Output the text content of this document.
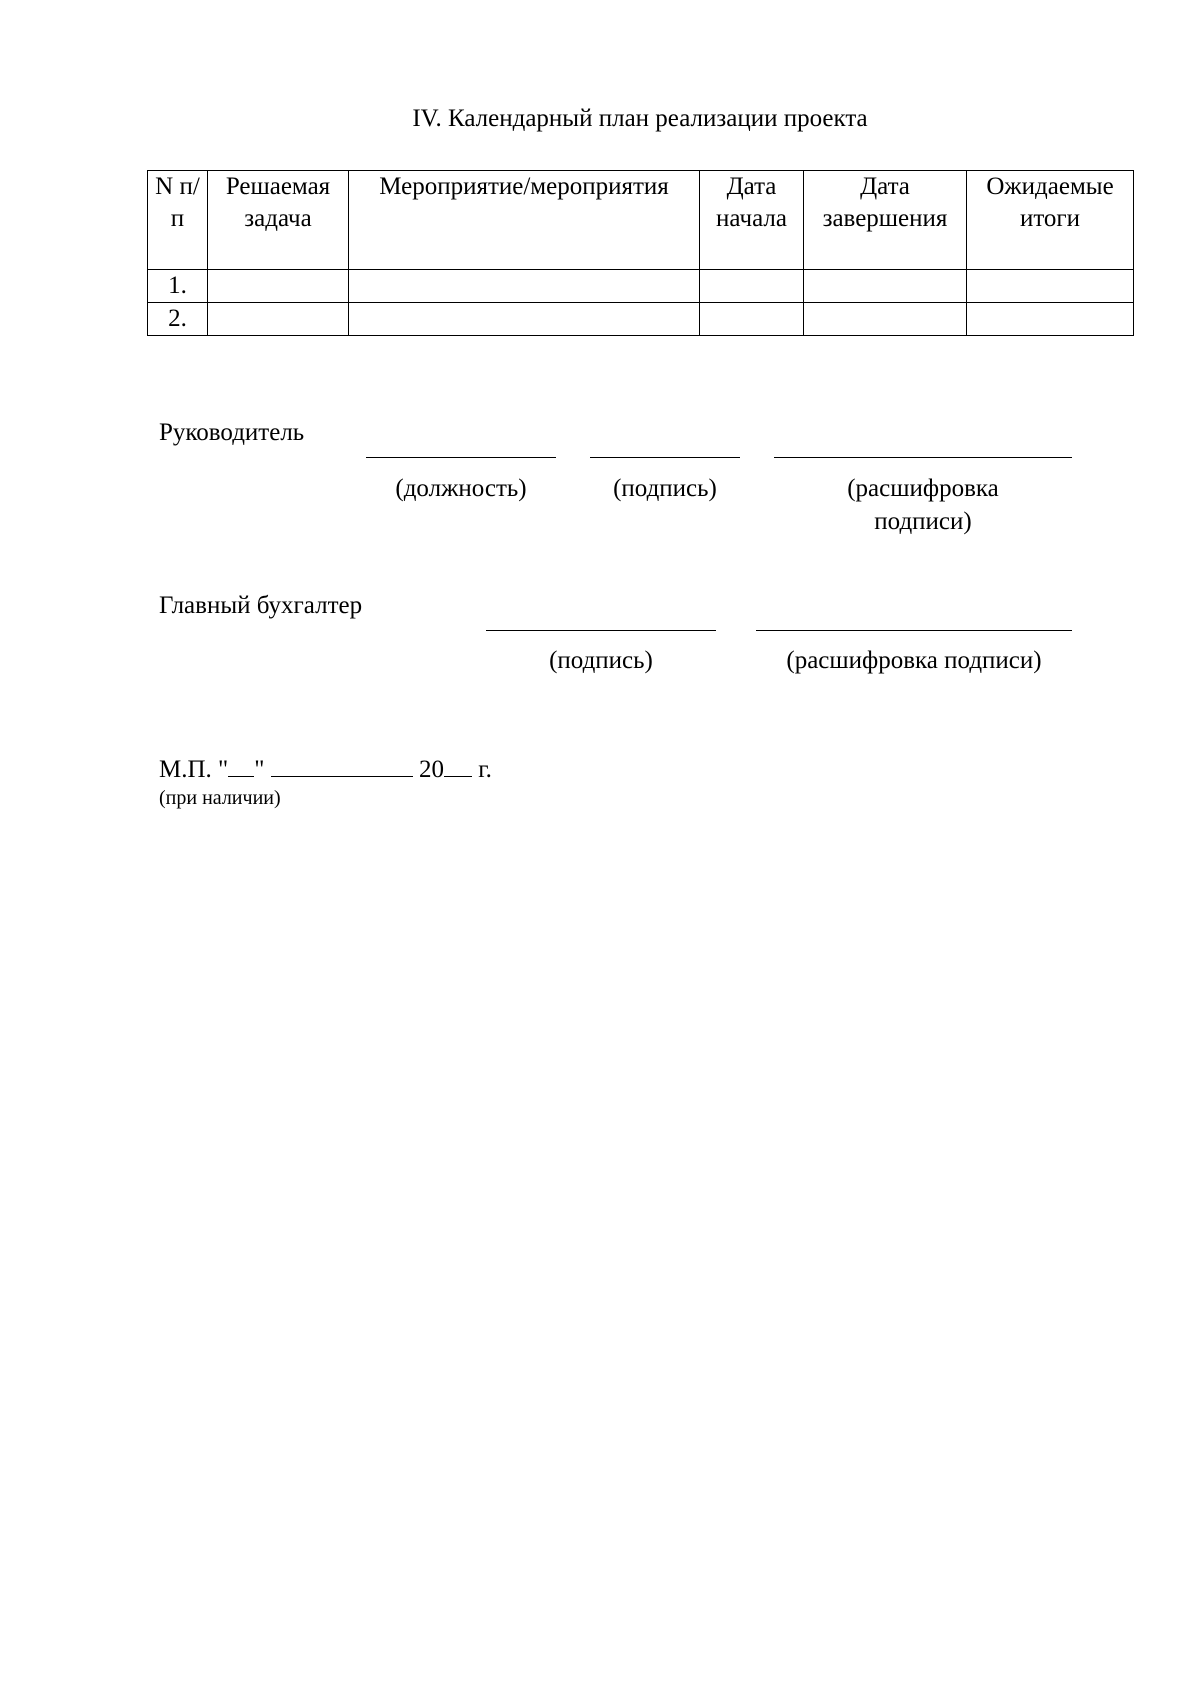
IV. Календарный план реализации проекта
N п/п	Решаемая задача	Мероприятие/мероприятия	Дата начала	Дата завершения	Ожидаемые итоги
1.					
2.					
Руководитель
(должность)	(подпись)	(расшифровка подписи)
Главный бухгалтер
(подпись)	(расшифровка подписи)
М.П. " "	20 г.
(при наличии)
